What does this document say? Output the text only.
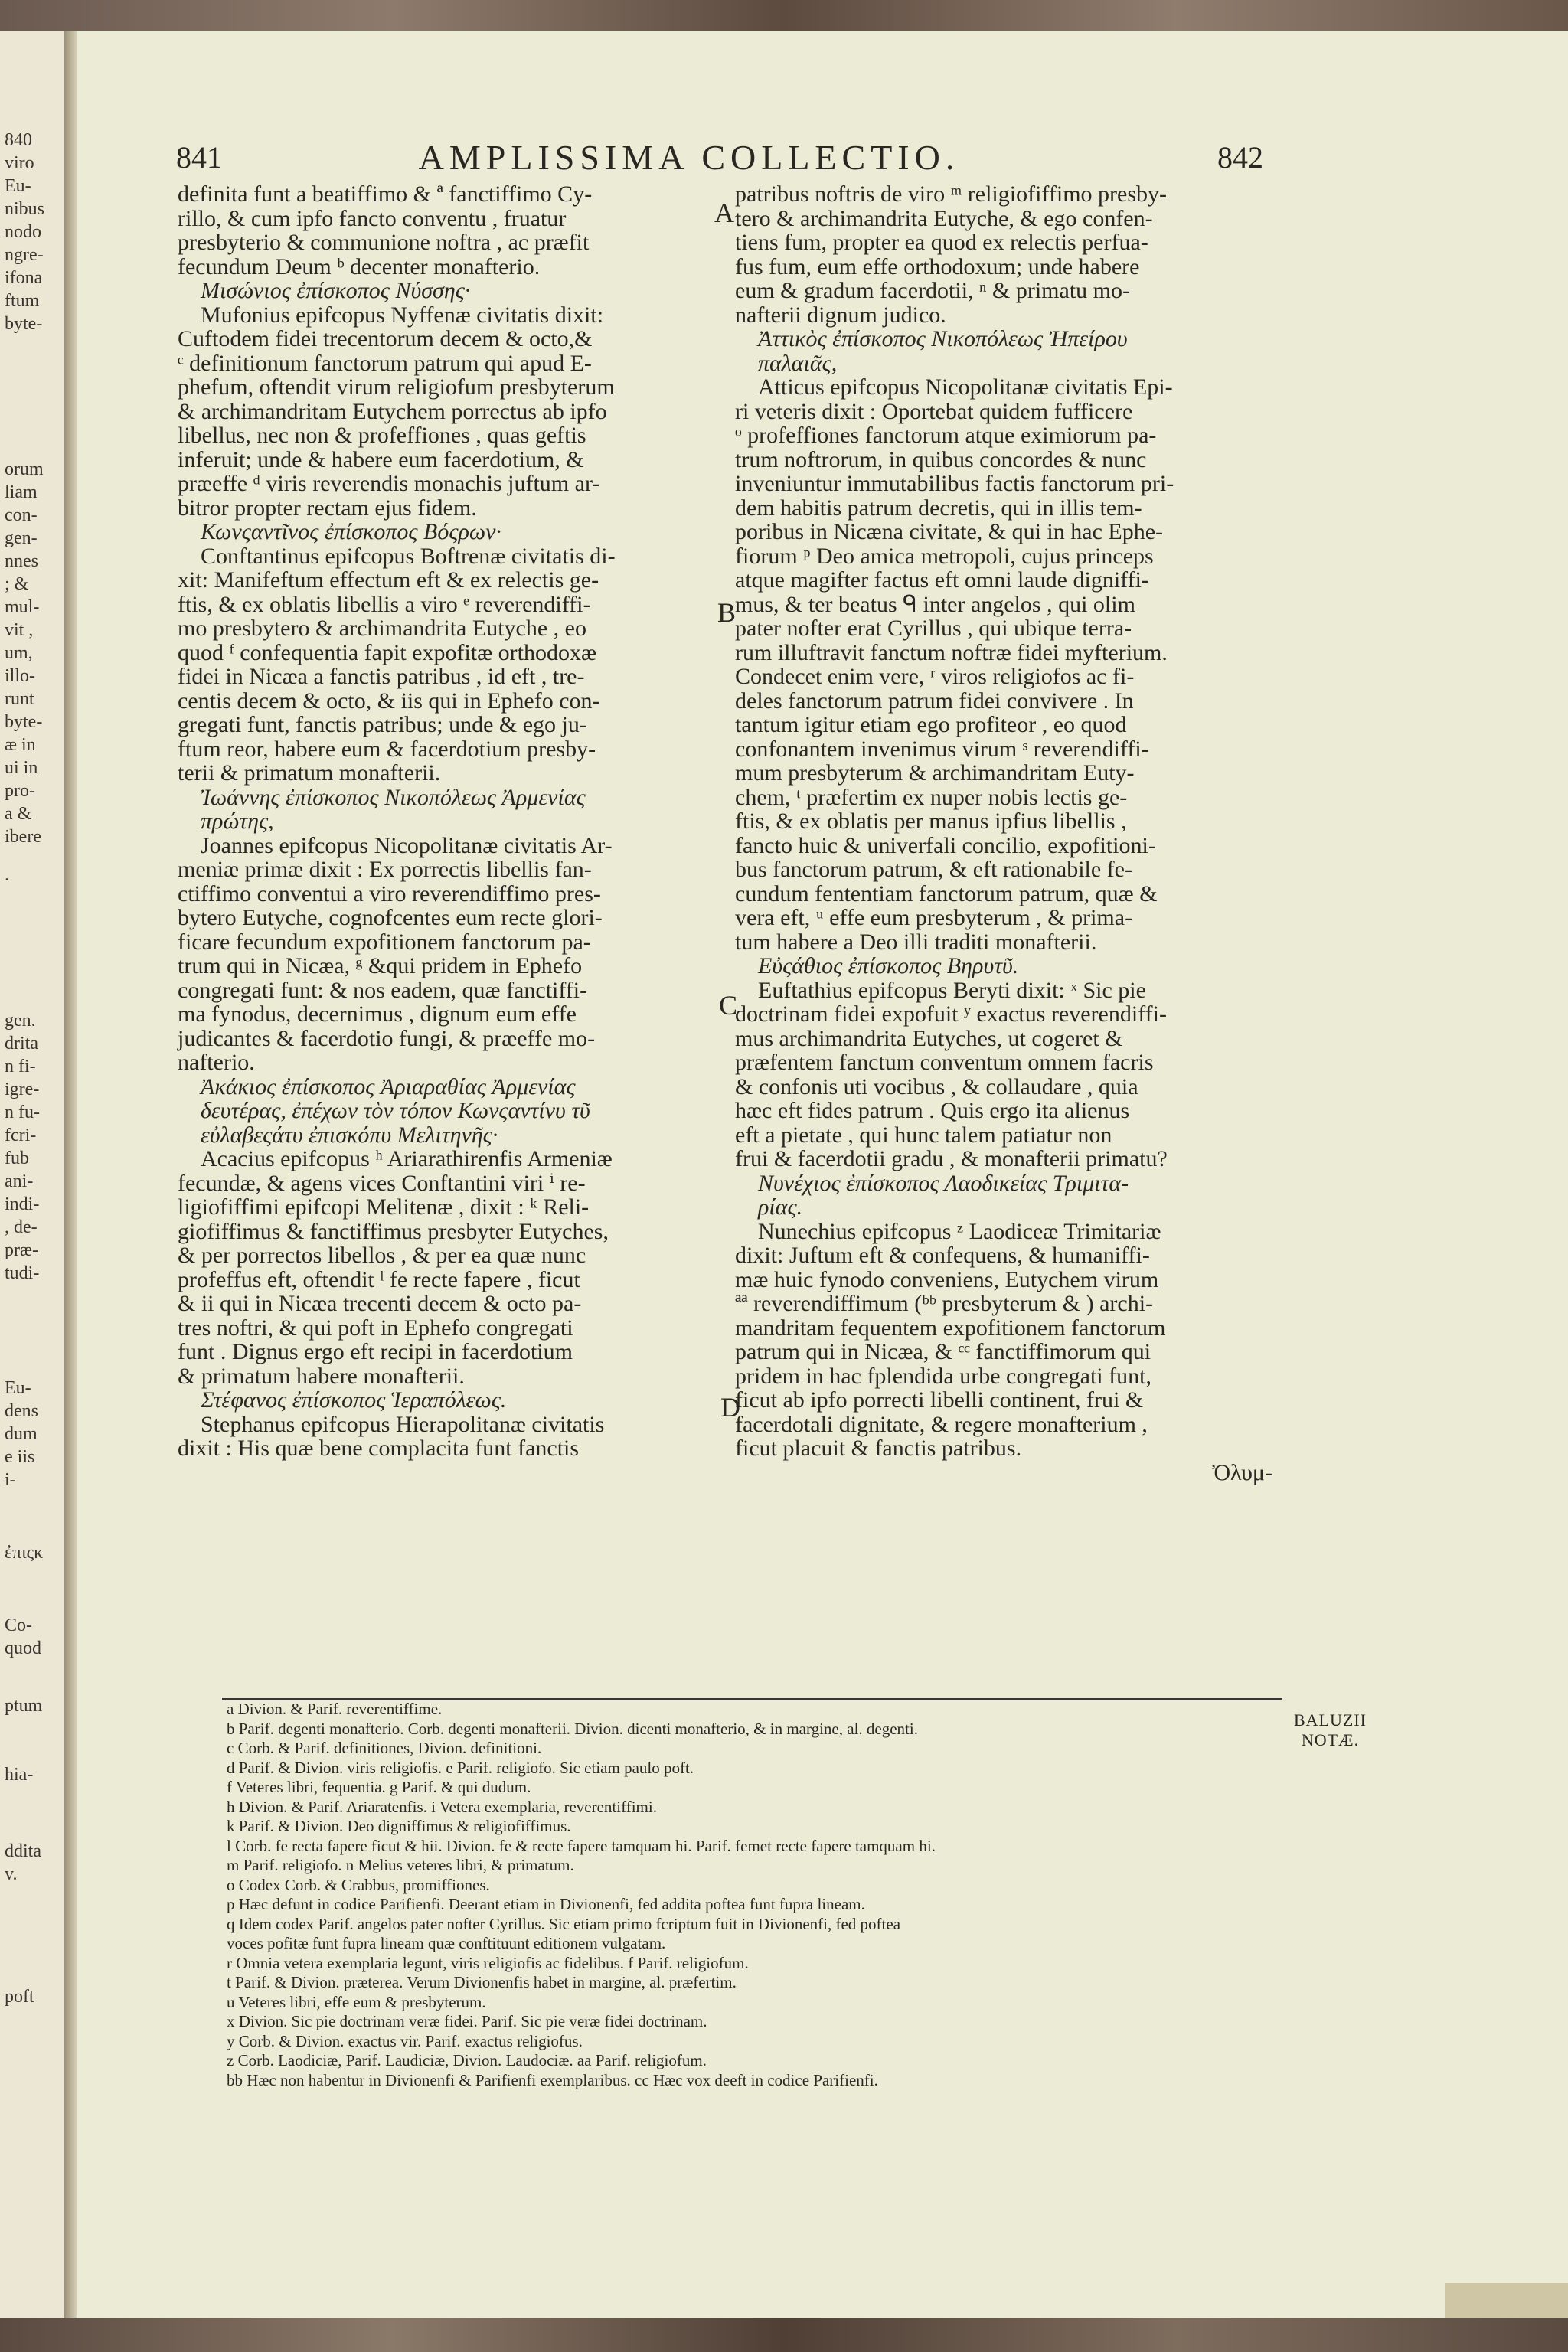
840
viro
Eu-
nibus
nodo
ngre-
ifona
ftum
byte-
orum
liam
con-
gen-
nnes
; &
mul-
vit ,
um,
illo-
runt
byte-
æ in
ui in
pro-
a &
ibere
.
gen.
drita
n fi-
igre-
n fu-
fcri-
fub
ani-
indi-
, de-
præ-
tudi-
Eu-
dens
dum
e iis
i-
ἐπιςκ
Co-
quod
ptum
hia-
ddita
v.
poft
841	AMPLISSIMA COLLECTIO.	842

definita funt a beatiffimo & ª fanctiffimo Cy-

rillo, & cum ipfo fancto conventu , fruatur

presbyterio & communione noftra , ac præfit

fecundum Deum ᵇ decenter monafterio.

Μισώνιος ἐπίσκοπος Νύσσης·

Mufonius epifcopus Nyffenæ civitatis dixit:

Cuftodem fidei trecentorum decem & octo,&

ᶜ definitionum fanctorum patrum qui apud E-

phefum, oftendit virum religiofum presbyterum

& archimandritam Eutychem porrectus ab ipfo

libellus, nec non & profeffiones , quas geftis

inferuit; unde & habere eum facerdotium, &

præeffe ᵈ viris reverendis monachis juftum ar-

bitror propter rectam ejus fidem.

Κωνςαντῖνος ἐπίσκοπος Βόςρων·

Conftantinus epifcopus Boftrenæ civitatis di-

xit: Manifeftum effectum eft & ex relectis ge-

ftis, & ex oblatis libellis a viro ᵉ reverendiffi-

mo presbytero & archimandrita Eutyche , eo

quod ᶠ confequentia fapit expofitæ orthodoxæ

fidei in Nicæa a fanctis patribus , id eft , tre-

centis decem & octo, & iis qui in Ephefo con-

gregati funt, fanctis patribus; unde & ego ju-

ftum reor, habere eum & facerdotium presby-

terii & primatum monafterii.

Ἰωάννης ἐπίσκοπος Νικοπόλεως Ἀρμενίας

πρώτης,

Joannes epifcopus Nicopolitanæ civitatis Ar-

meniæ primæ dixit : Ex porrectis libellis fan-

ctiffimo conventui a viro reverendiffimo pres-

bytero Eutyche, cognofcentes eum recte glori-

ficare fecundum expofitionem fanctorum pa-

trum qui in Nicæa, ᵍ &qui pridem in Ephefo

congregati funt: & nos eadem, quæ fanctiffi-

ma fynodus, decernimus , dignum eum effe

judicantes & facerdotio fungi, & præeffe mo-

nafterio.

Ἀκάκιος ἐπίσκοπος Ἀριαραθίας Ἀρμενίας

δευτέρας, ἐπέχων τὸν τόπον Κωνςαντίνυ τῦ

εὐλαβεςάτυ ἐπισκόπυ Μελιτηνῆς·

Acacius epifcopus ʰ Ariarathirenfis Armeniæ

fecundæ, & agens vices Conftantini viri ⁱ re-

ligiofiffimi epifcopi Melitenæ , dixit : ᵏ Reli-

giofiffimus & fanctiffimus presbyter Eutyches,

& per porrectos libellos , & per ea quæ nunc

profeffus eft, oftendit ˡ fe recte fapere , ficut

& ii qui in Nicæa trecenti decem & octo pa-

tres noftri, & qui poft in Ephefo congregati

funt . Dignus ergo eft recipi in facerdotium

& primatum habere monafterii.

Στέφανος ἐπίσκοπος Ἱεραπόλεως.

Stephanus epifcopus Hierapolitanæ civitatis

dixit : His quæ bene complacita funt fanctis

patribus noftris de viro ᵐ religiofiffimo presby-

tero & archimandrita Eutyche, & ego confen-

tiens fum, propter ea quod ex relectis perfua-

fus fum, eum effe orthodoxum; unde habere

eum & gradum facerdotii, ⁿ & primatu mo-

nafterii dignum judico.

Ἀττικὸς ἐπίσκοπος Νικοπόλεως Ἠπείρου

παλαιᾶς,

Atticus epifcopus Nicopolitanæ civitatis Epi-

ri veteris dixit : Oportebat quidem fufficere

ᵒ profeffiones fanctorum atque eximiorum pa-

trum noftrorum, in quibus concordes & nunc

inveniuntur immutabilibus factis fanctorum pri-

dem habitis patrum decretis, qui in illis tem-

poribus in Nicæna civitate, & qui in hac Ephe-

fiorum ᵖ Deo amica metropoli, cujus princeps

atque magifter factus eft omni laude digniffi-

mus, & ter beatus ᑫ inter angelos , qui olim

pater nofter erat Cyrillus , qui ubique terra-

rum illuftravit fanctum noftræ fidei myfterium.

Condecet enim vere, ʳ viros religiofos ac fi-

deles fanctorum patrum fidei convivere . In

tantum igitur etiam ego profiteor , eo quod

confonantem invenimus virum ˢ reverendiffi-

mum presbyterum & archimandritam Euty-

chem, ᵗ præfertim ex nuper nobis lectis ge-

ftis, & ex oblatis per manus ipfius libellis ,

fancto huic & univerfali concilio, expofitioni-

bus fanctorum patrum, & eft rationabile fe-

cundum fententiam fanctorum patrum, quæ &

vera eft, ᵘ effe eum presbyterum , & prima-

tum habere a Deo illi traditi monafterii.

Εὐςάθιος ἐπίσκοπος Βηρυτῦ.

Euftathius epifcopus Beryti dixit: ˣ Sic pie

doctrinam fidei expofuit ʸ exactus reverendiffi-

mus archimandrita Eutyches, ut cogeret &

præfentem fanctum conventum omnem facris

& confonis uti vocibus , & collaudare , quia

hæc eft fides patrum . Quis ergo ita alienus

eft a pietate , qui hunc talem patiatur non

frui & facerdotii gradu , & monafterii primatu?

Νυνέχιος ἐπίσκοπος Λαοδικείας Τριμιτα-

ρίας.

Nunechius epifcopus ᶻ Laodiceæ Trimitariæ

dixit: Juftum eft & confequens, & humaniffi-

mæ huic fynodo conveniens, Eutychem virum

ªª reverendiffimum (ᵇᵇ presbyterum & ) archi-

mandritam fequentem expofitionem fanctorum

patrum qui in Nicæa, & ᶜᶜ fanctiffimorum qui

pridem in hac fplendida urbe congregati funt,

ficut ab ipfo porrecti libelli continent, frui &

facerdotali dignitate, & regere monafterium ,

ficut placuit & fanctis patribus.

Ὀλυμ-

A
B
C
D
a Divion. & Parif. reverentiffime.
b Parif. degenti monafterio. Corb. degenti monafterii. Divion. dicenti monafterio, & in margine, al. degenti.
c Corb. & Parif. definitiones, Divion. definitioni.
d Parif. & Divion. viris religiofis. e Parif. religiofo. Sic etiam paulo poft.
f Veteres libri, fequentia. g Parif. & qui dudum.
h Divion. & Parif. Ariaratenfis. i Vetera exemplaria, reverentiffimi.
k Parif. & Divion. Deo digniffimus & religiofiffimus.
l Corb. fe recta fapere ficut & hii. Divion. fe & recte fapere tamquam hi. Parif. femet recte fapere tamquam hi.
m Parif. religiofo. n Melius veteres libri, & primatum.
o Codex Corb. & Crabbus, promiffiones.
p Hæc defunt in codice Parifienfi. Deerant etiam in Divionenfi, fed addita poftea funt fupra lineam.
q Idem codex Parif. angelos pater nofter Cyrillus. Sic etiam primo fcriptum fuit in Divionenfi, fed poftea
voces pofitæ funt fupra lineam quæ conftituunt editionem vulgatam.
r Omnia vetera exemplaria legunt, viris religiofis ac fidelibus. f Parif. religiofum.
t Parif. & Divion. præterea. Verum Divionenfis habet in margine, al. præfertim.
u Veteres libri, effe eum & presbyterum.
x Divion. Sic pie doctrinam veræ fidei. Parif. Sic pie veræ fidei doctrinam.
y Corb. & Divion. exactus vir. Parif. exactus religiofus.
z Corb. Laodiciæ, Parif. Laudiciæ, Divion. Laudociæ. aa Parif. religiofum.
bb Hæc non habentur in Divionenfi & Parifienfi exemplaribus. cc Hæc vox deeft in codice Parifienfi.
BALUZII
NOTÆ.
